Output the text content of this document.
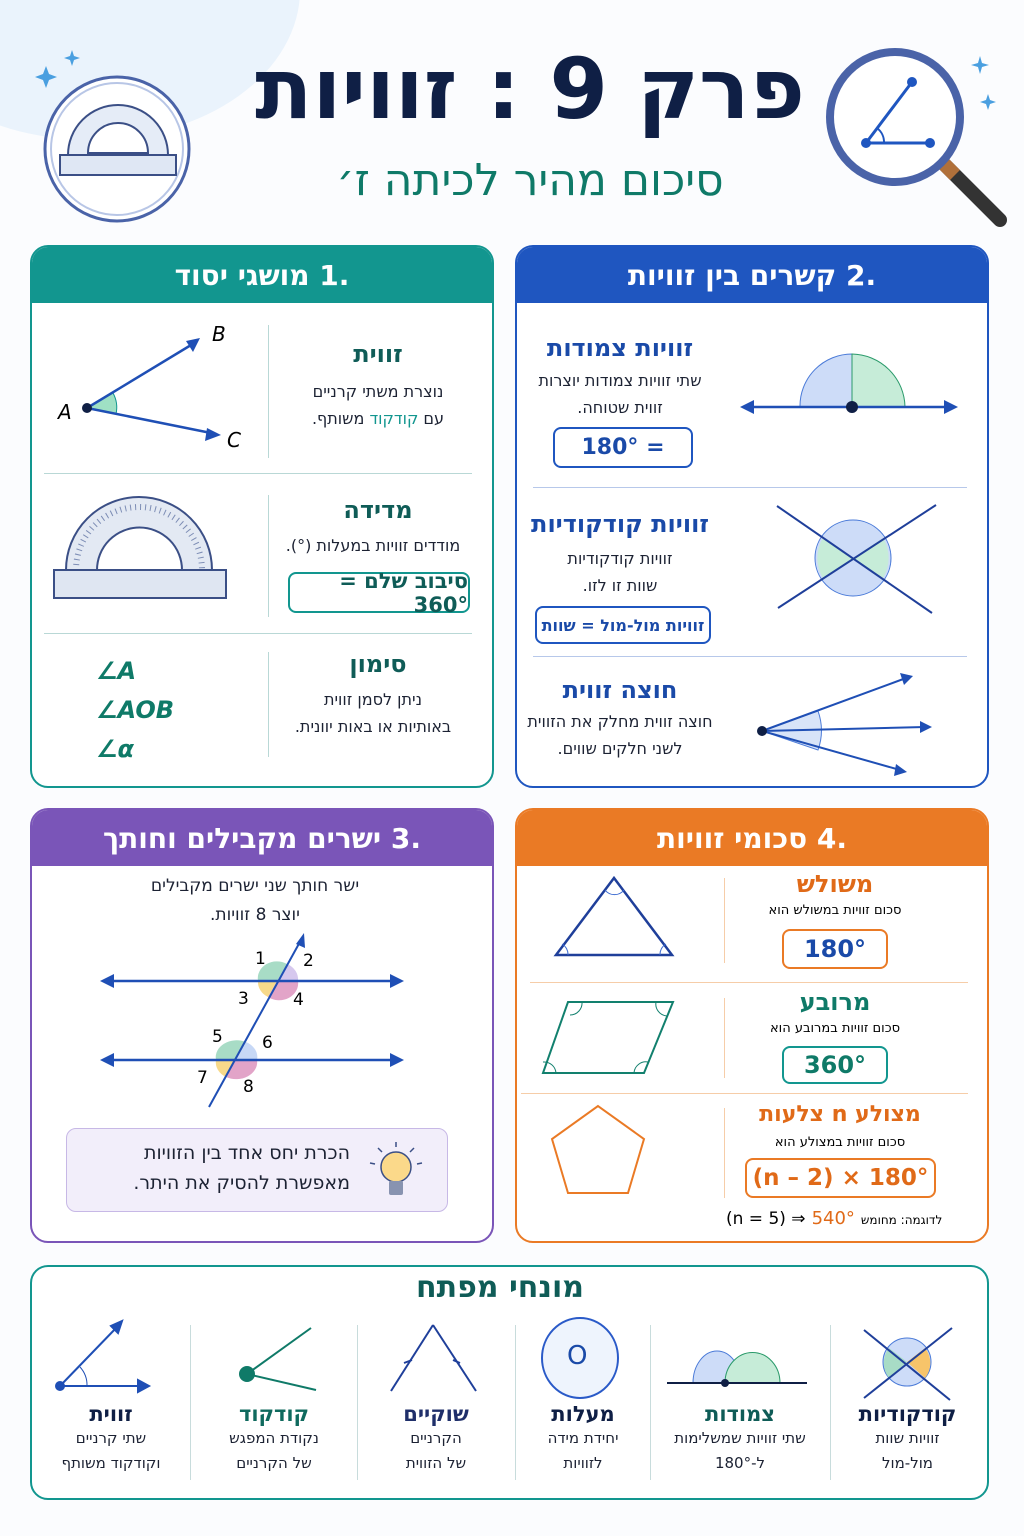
פרק 9 : זוויות
סיכום מהיר לכיתה ז׳
.1 מושגי יסוד
זווית
נוצרת משתי קרניים
עם קודקוד משותף.
A
B
C
מדידה
מודדים זוויות במעלות (°).
סיבוב שלם = 360°
סימון
ניתן לסמן זווית
באותיות או באות יוונית.
∠A
∠AOB
∠α
.2 קשרים בין זוויות
זוויות צמודות
שתי זוויות צמודות יוצרות
זווית שטוחה.
= 180°
זוויות קודקודיות
זוויות קודקודיות
שוות זו לזו.
זוויות מול-מול = שוות
חוצה זווית
חוצה זווית מחלק את הזווית
לשני חלקים שווים.
.3 ישרים מקבילים וחותך
ישר חותך שני ישרים מקבילים
יוצר 8 זוויות.
1 2
3	4
5 6
7 8
הכרת יחס אחד בין הזוויות
מאפשרת להסיק את היתר.
.4 סכומי זוויות
משולש
סכום זוויות במשולש הוא
180°
מרובע
סכום זוויות במרובע הוא
360°
מצולע n צלעות
סכום זוויות במצולע הוא
(n – 2) × 180°
(n = 5) ⇒ 540° לדוגמה: מחומש
מונחי מפתח
O
קודקודיות
זוויות שוות
מול-מול
צמודות
שתי זוויות שמשלימות
ל-180°
מעלות
יחידת מידה
לזוויות
שוקיים
הקרניים
של הזווית
קודקוד
נקודת המפגש
של הקרניים
זווית
שתי קרניים
וקודקוד משותף
